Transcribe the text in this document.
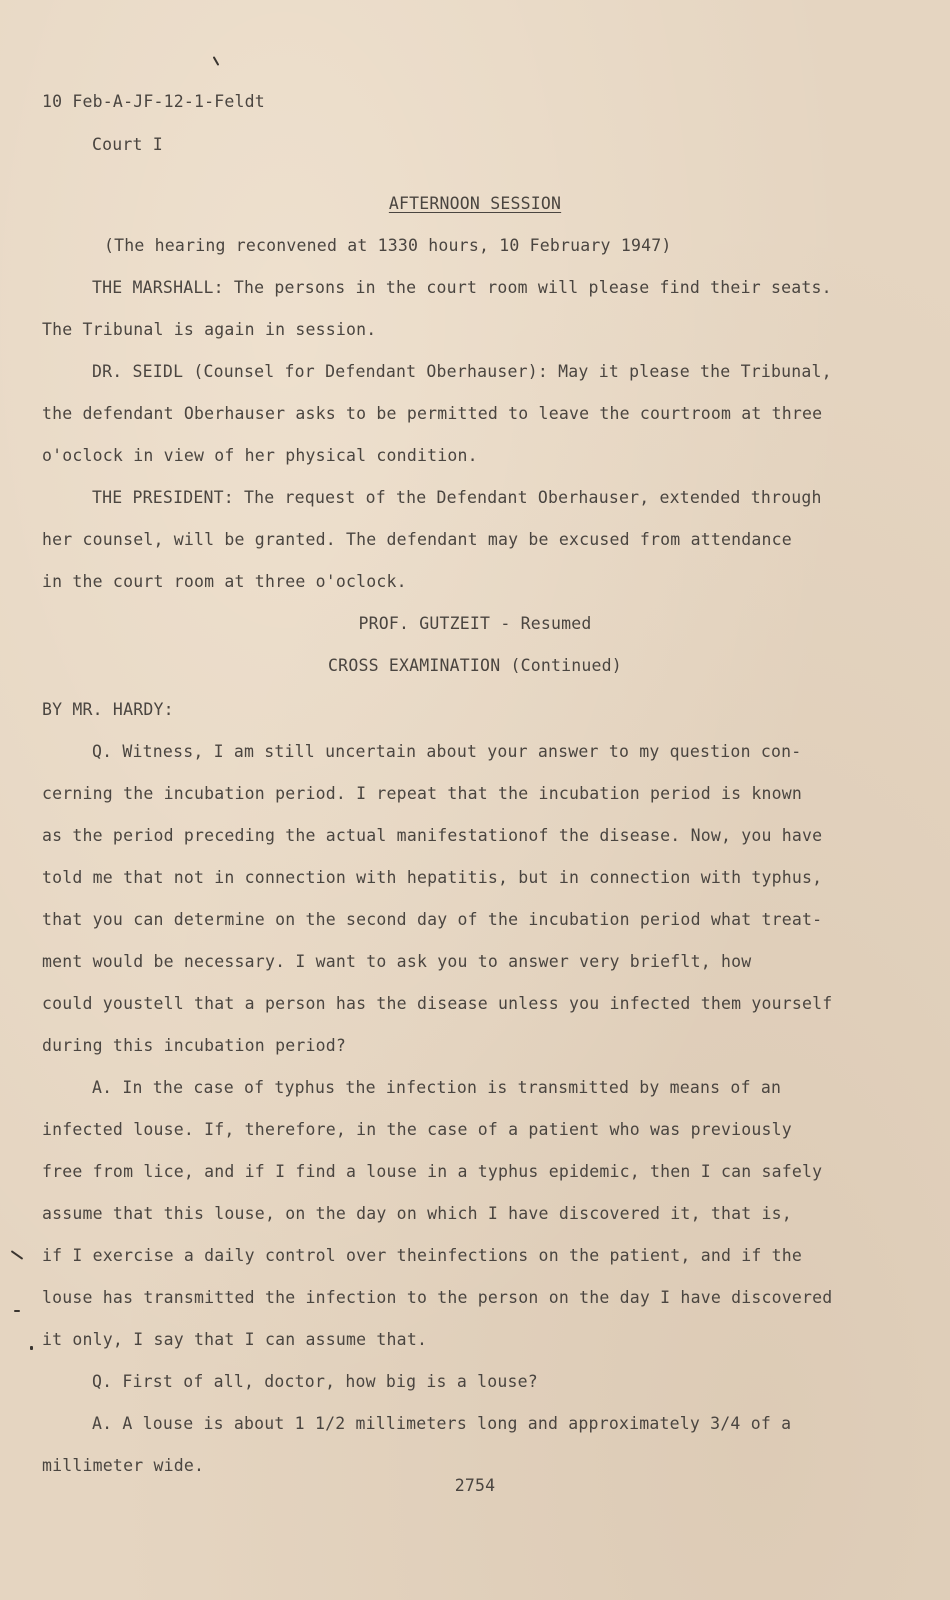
10 Feb-A-JF-12-1-Feldt

Court I

AFTERNOON SESSION

(The hearing reconvened at 1330 hours, 10 February 1947)

THE MARSHALL: The persons in the court room will please find their seats.

The Tribunal is again in session.

DR. SEIDL (Counsel for Defendant Oberhauser): May it please the Tribunal,

the defendant Oberhauser asks to be permitted to leave the courtroom at three

o'oclock in view of her physical condition.

THE PRESIDENT: The request of the Defendant Oberhauser, extended through

her counsel, will be granted. The defendant may be excused from attendance

in the court room at three o'oclock.

PROF. GUTZEIT - Resumed

CROSS EXAMINATION (Continued)

BY MR. HARDY:

Q. Witness, I am still uncertain about your answer to my question con-

cerning the incubation period. I repeat that the incubation period is known

as the period preceding the actual manifestationof the disease. Now, you have

told me that not in connection with hepatitis, but in connection with typhus,

that you can determine on the second day of the incubation period what treat-

ment would be necessary. I want to ask you to answer very brieflt, how

could youstell that a person has the disease unless you infected them yourself

during this incubation period?

A. In the case of typhus the infection is transmitted by means of an

infected louse. If, therefore, in the case of a patient who was previously

free from lice, and if I find a louse in a typhus epidemic, then I can safely

assume that this louse, on the day on which I have discovered it, that is,

if I exercise a daily control over theinfections on the patient, and if the

louse has transmitted the infection to the person on the day I have discovered

it only, I say that I can assume that.

Q. First of all, doctor, how big is a louse?

A. A louse is about 1 1/2 millimeters long and approximately 3/4 of a

millimeter wide.

2754
